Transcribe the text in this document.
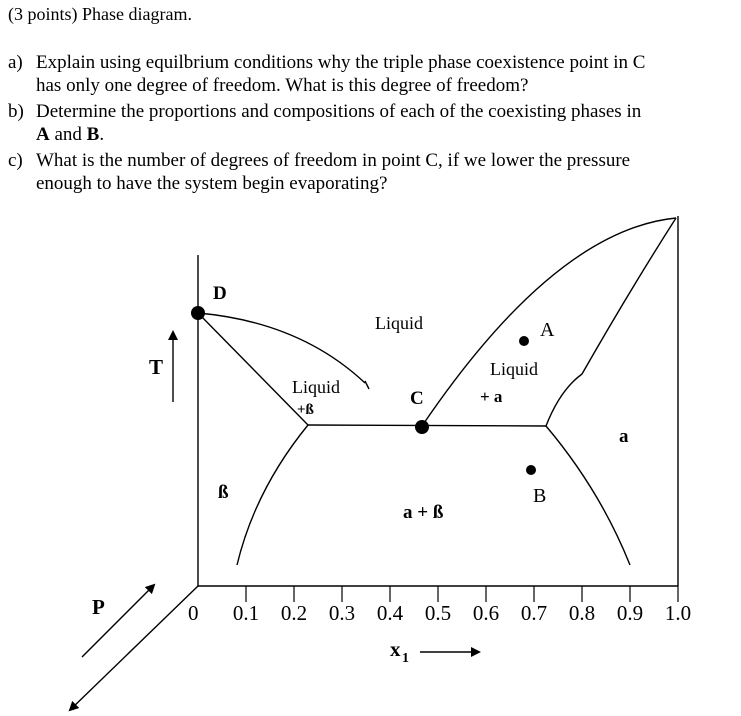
(3 points) Phase diagram.
a) Explain using equilbrium conditions why the triple phase coexistence point in C
has only one degree of freedom. What is this degree of freedom?
b) Determine the proportions and compositions of each of the coexisting phases in
A and B.
c) What is the number of degrees of freedom in point C, if we lower the pressure
enough to have the system begin evaporating?
0 0.1 0.2 0.3 0.4 0.5 0.6 0.7 0.8 0.9 1.0
D
C
A
B
Liquid
Liquid
+ß
Liquid
+ a
a
ß
a + ß
T
P
x 1
